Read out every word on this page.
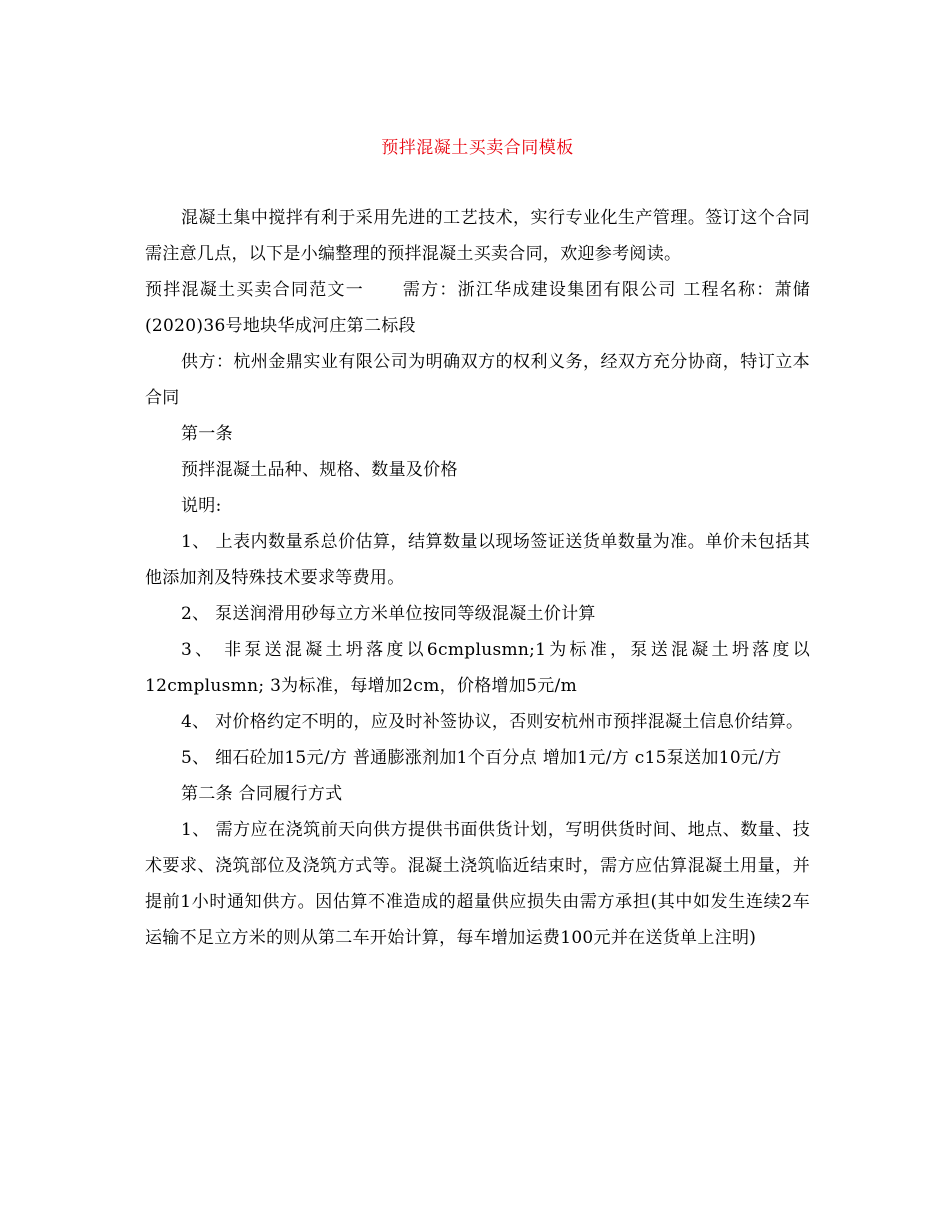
预拌混凝土买卖合同模板

混凝土集中搅拌有利于采用先进的工艺技术，实行专业化生产管理。签订这个合同需注意几点，以下是小编整理的预拌混凝土买卖合同，欢迎参考阅读。

预拌混凝土买卖合同范文一 需方：浙江华成建设集团有限公司 工程名称：萧储(2020)36号地块华成河庄第二标段

供方：杭州金鼎实业有限公司为明确双方的权利义务，经双方充分协商，特订立本合同

第一条

预拌混凝土品种、规格、数量及价格

说明:

1、 上表内数量系总价估算，结算数量以现场签证送货单数量为准。单价未包括其他添加剂及特殊技术要求等费用。

2、 泵送润滑用砂每立方米单位按同等级混凝土价计算

3、 非泵送混凝土坍落度以6cmplusmn;1为标准，泵送混凝土坍落度以12cmplusmn; 3为标准，每增加2cm，价格增加5元/m

4、 对价格约定不明的，应及时补签协议，否则安杭州市预拌混凝土信息价结算。

5、 细石砼加15元/方 普通膨涨剂加1个百分点 增加1元/方 c15泵送加10元/方

第二条 合同履行方式

1、 需方应在浇筑前天向供方提供书面供货计划，写明供货时间、地点、数量、技术要求、浇筑部位及浇筑方式等。混凝土浇筑临近结束时，需方应估算混凝土用量，并提前1小时通知供方。因估算不准造成的超量供应损失由需方承担(其中如发生连续2车运输不足立方米的则从第二车开始计算，每车增加运费100元并在送货单上注明)
